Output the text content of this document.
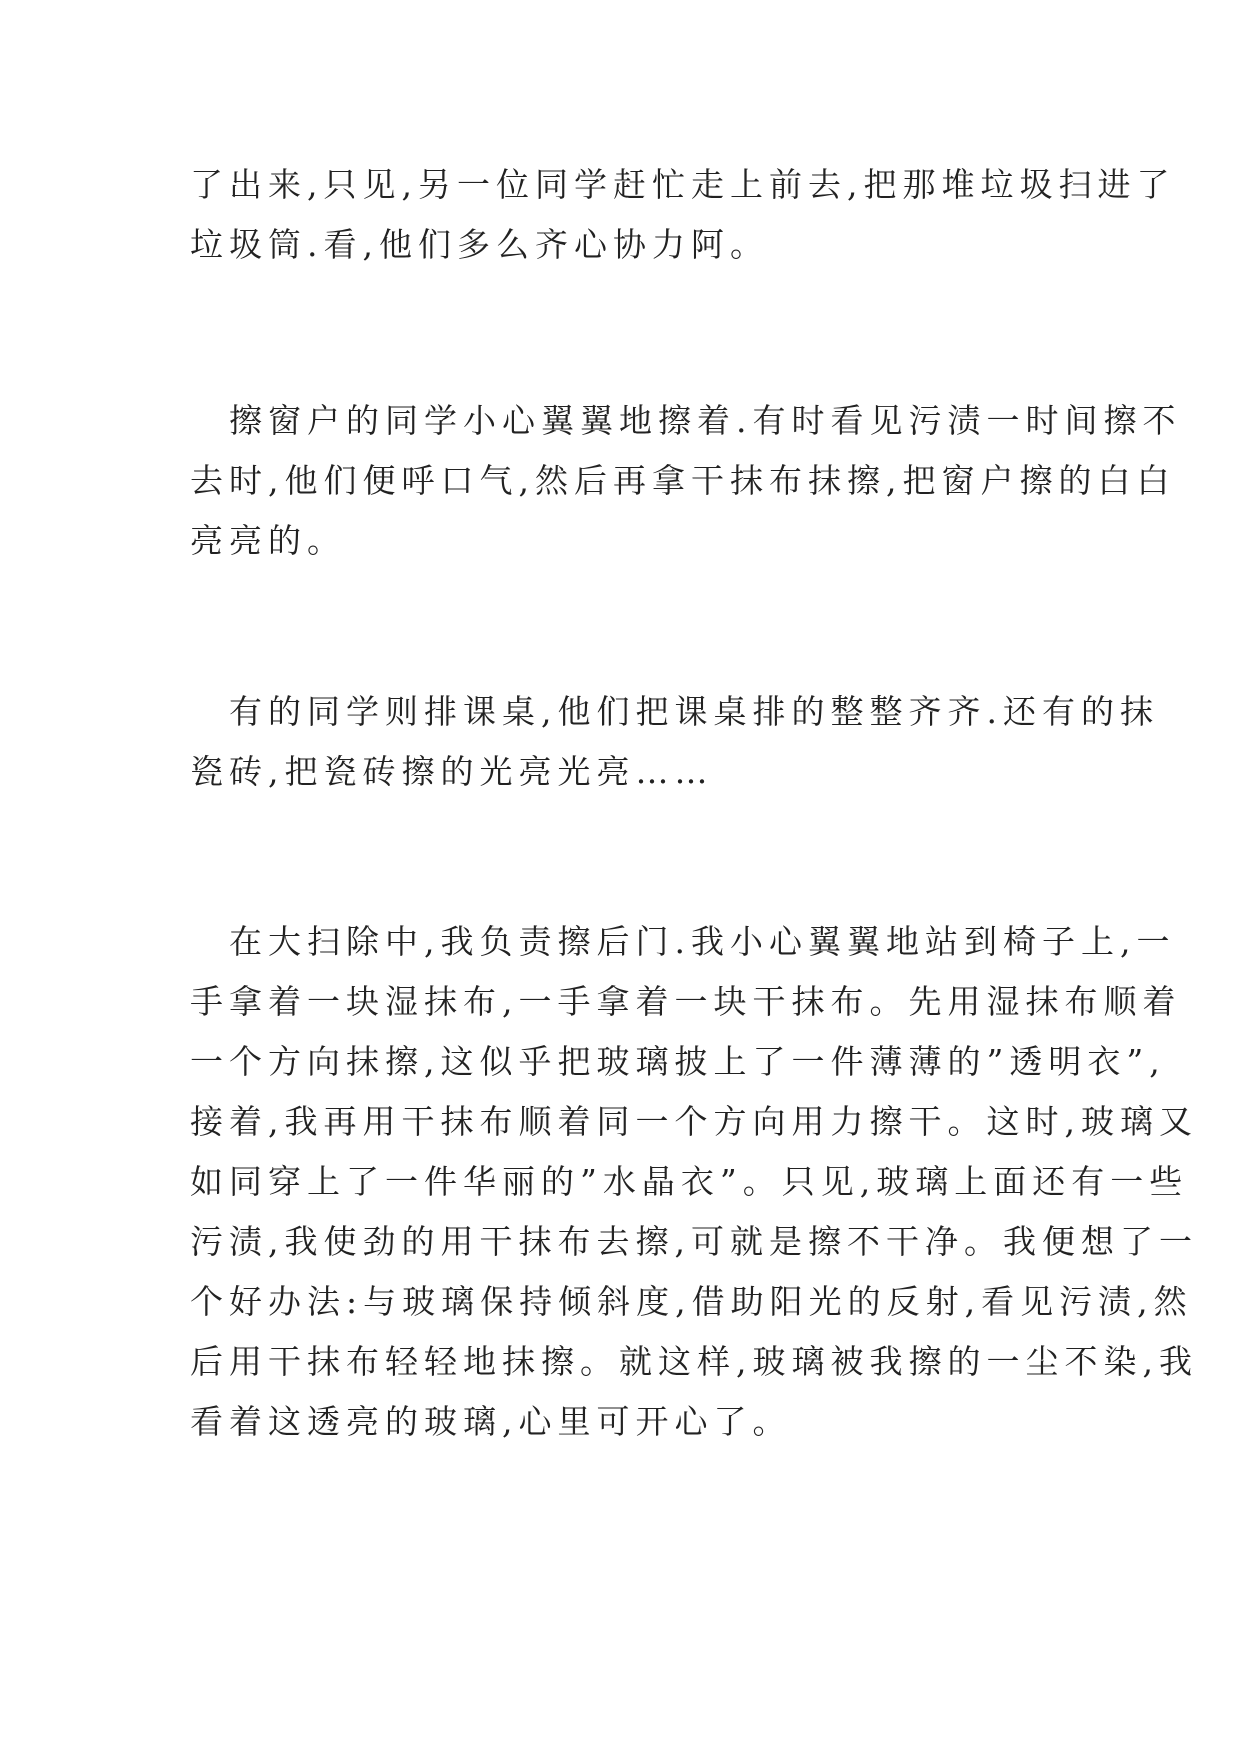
了出来,只见,另一位同学赶忙走上前去,把那堆垃圾扫进了
垃圾筒.看,他们多么齐心协力阿。

　擦窗户的同学小心翼翼地擦着.有时看见污渍一时间擦不
去时,他们便呼口气,然后再拿干抹布抹擦,把窗户擦的白白
亮亮的。

　有的同学则排课桌,他们把课桌排的整整齐齐.还有的抹
瓷砖,把瓷砖擦的光亮光亮……

　在大扫除中,我负责擦后门.我小心翼翼地站到椅子上,一
手拿着一块湿抹布,一手拿着一块干抹布。先用湿抹布顺着
一个方向抹擦,这似乎把玻璃披上了一件薄薄的”透明衣”,
接着,我再用干抹布顺着同一个方向用力擦干。这时,玻璃又
如同穿上了一件华丽的”水晶衣”。只见,玻璃上面还有一些
污渍,我使劲的用干抹布去擦,可就是擦不干净。我便想了一
个好办法:与玻璃保持倾斜度,借助阳光的反射,看见污渍,然
后用干抹布轻轻地抹擦。就这样,玻璃被我擦的一尘不染,我
看着这透亮的玻璃,心里可开心了。
